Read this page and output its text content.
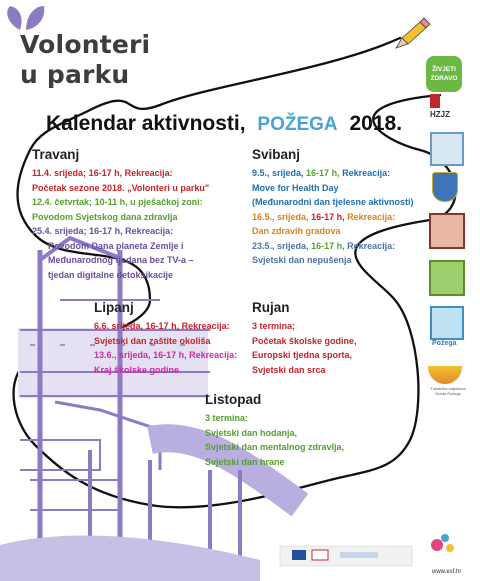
Volonteri
u parku
Kalendar aktivnosti, POŽEGA 2018.
Travanj
11.4. srijeda; 16-17 h, Rekreacija:
Početak sezone 2018. „Volonteri u parku"
12.4. četvrtak; 10-11 h, u pješačkoj zoni:
Povodom Svjetskog dana zdravlja
25.4. srijeda; 16-17 h, Rekreacija:
Povodom Dana planeta Zemlje i
Međunarodnog tjedana bez TV-a –
tjedan digitalne detoksikacije
Svibanj
9.5., srijeda, 16-17 h, Rekreacija:
Move for Health Day
(Međunarodni dan tjelesne aktivnosti)
16.5., srijeda, 16-17 h, Rekreacija:
Dan zdravih gradova
23.5., srijeda, 16-17 h, Rekreacija:
Svjetski dan nepušenja
Lipanj
6.6. srijeda, 16-17 h, Rekreacija:
Svjetski dan zaštite okoliša
13.6., srijeda, 16-17 h, Rekreacija:
Kraj školske godine
Rujan
3 termina;
Početak školske godine,
Europski tjedna sporta,
Svjetski dan srca
Listopad
3 termina:
Svjetski dan hodanja,
Svjetski dan mentalnog zdravlja,
Svjetski dan hrane
ŽIVJETI
ZDRAVO
HZJZ
Požega
Turistička zajednica
Grada Požege
www.esf.hr
